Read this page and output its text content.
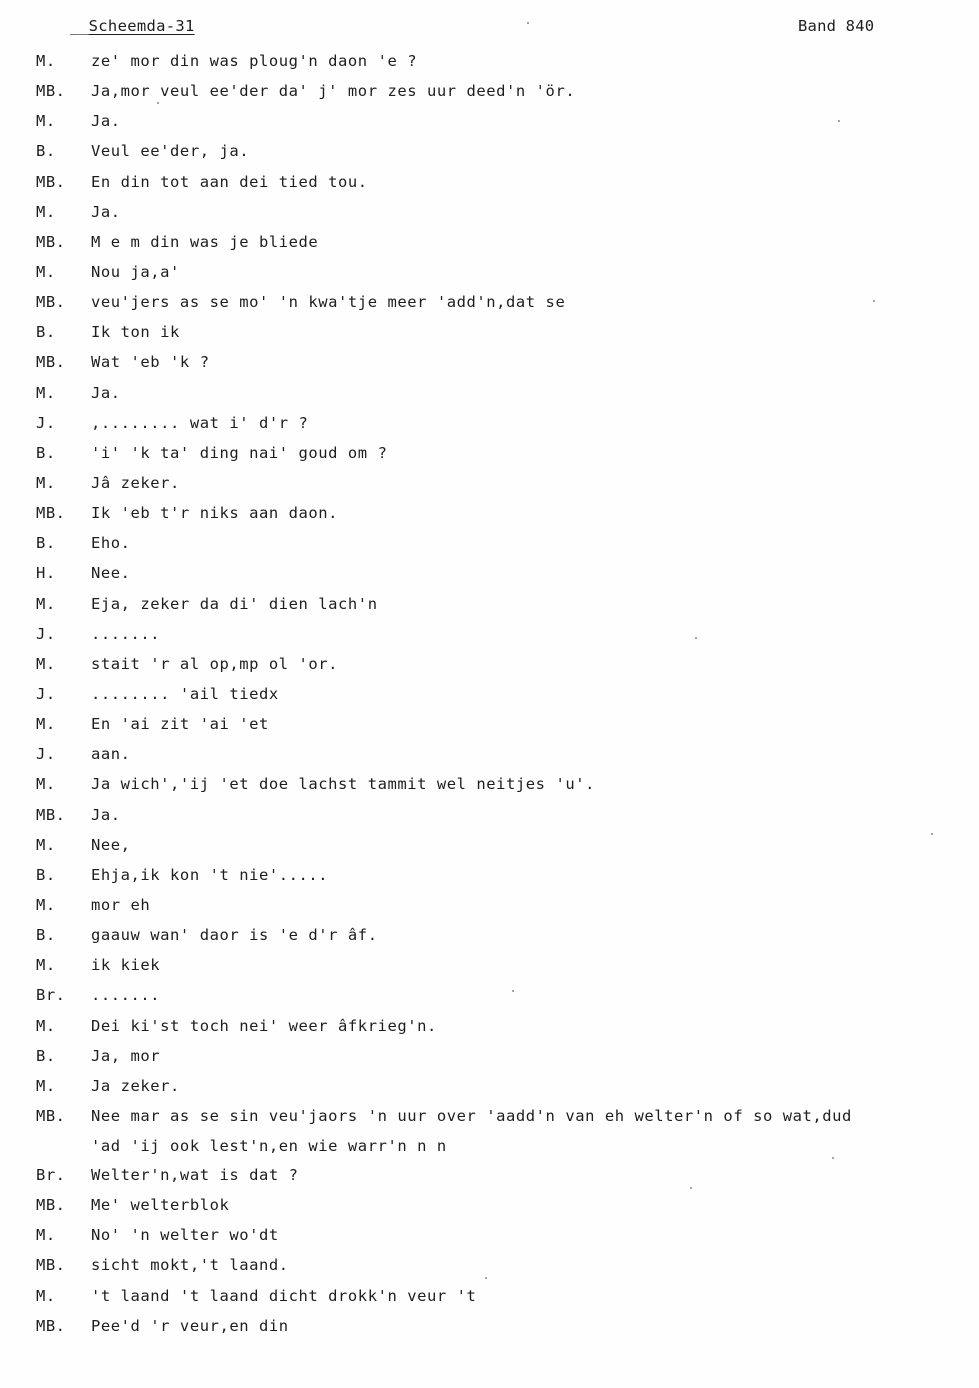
__Scheemda-31	Band 840
M.	ze' mor din was ploug'n daon 'e ?
MB.	Ja,mor veul ee'der da' j' mor zes uur deed'n 'ör.
M.	Ja.
B.	Veul ee'der, ja.
MB.	En din tot aan dei tied tou.
M.	Ja.
MB.	M e m din was je bliede
M.	Nou ja,a'
MB.	veu'jers as se mo' 'n kwa'tje meer 'add'n,dat se
B.	Ik ton ik
MB.	Wat 'eb 'k ?
M.	Ja.
J.	,........ wat i' d'r ?
B.	'i' 'k ta' ding nai' goud om ?
M.	Jâ zeker.
MB.	Ik 'eb t'r niks aan daon.
B.	Eho.
H.	Nee.
M.	Eja, zeker da di' dien lach'n
J.	.......
M.	stait 'r al op,mp ol 'or.
J.	........ 'ail tiedx
M.	En 'ai zit 'ai 'et
J.	aan.
M.	Ja wich','ij 'et doe lachst tammit wel neitjes 'u'.
MB.	Ja.
M.	Nee,
B.	Ehja,ik kon 't nie'.....
M.	mor eh
B.	gaauw wan' daor is 'e d'r âf.
M.	ik kiek
Br.	.......
M.	Dei ki'st toch nei' weer âfkrieg'n.
B.	Ja, mor
M.	Ja zeker.
MB.	Nee mar as se sin veu'jaors 'n uur over 'aadd'n van eh welter'n of so wat,dud
'ad 'ij ook lest'n,en wie warr'n n n
Br.	Welter'n,wat is dat ?
MB.	Me' welterblok
M.	No' 'n welter wo'dt
MB.	sicht mokt,'t laand.
M.	't laand 't laand dicht drokk'n veur 't
MB.	Pee'd 'r veur,en din
